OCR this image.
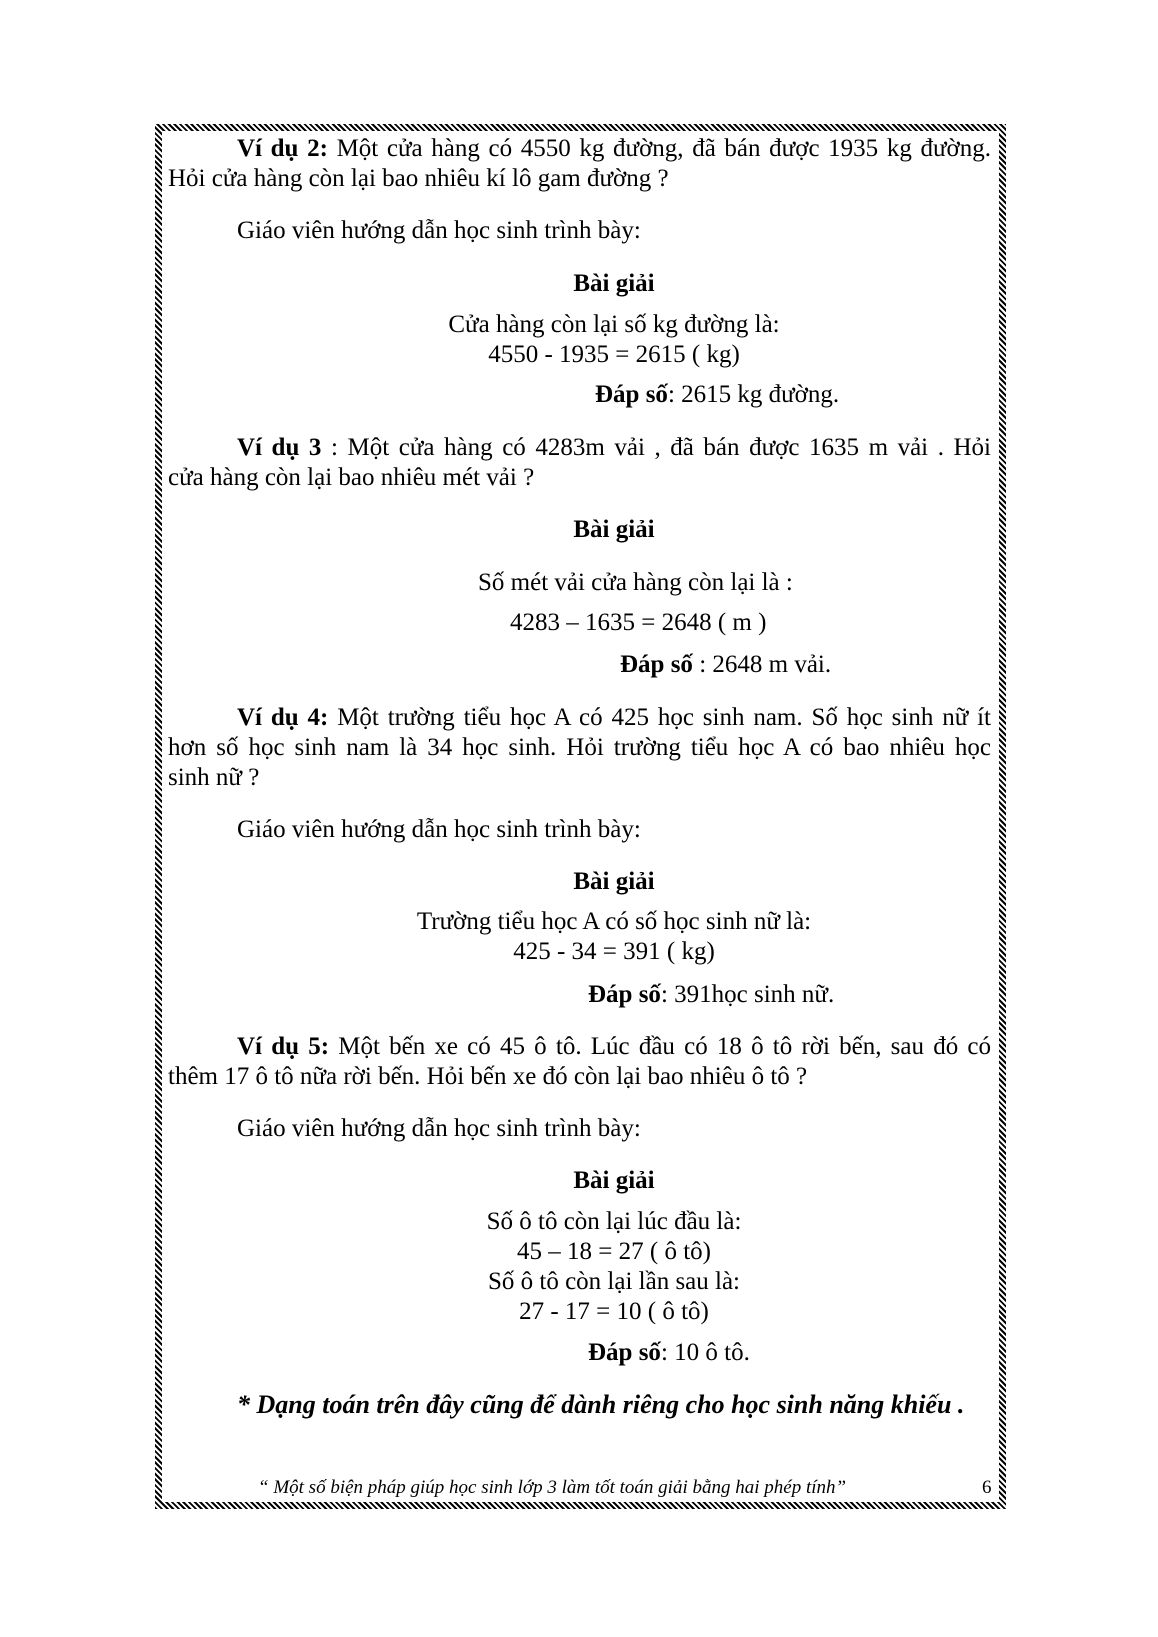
Ví dụ 2: Một cửa hàng có 4550 kg đường, đã bán được 1935 kg đường.
Hỏi cửa hàng còn lại bao nhiêu kí lô gam đường ?
Giáo viên hướng dẫn học sinh trình bày:
Bài giải
Cửa hàng còn lại số kg đường là:
4550 - 1935 = 2615 ( kg)
Đáp số: 2615 kg đường.
Ví dụ 3 : Một cửa hàng có 4283m vải , đã bán được 1635 m vải . Hỏi
cửa hàng còn lại bao nhiêu mét vải ?
Bài giải
Số mét vải cửa hàng còn lại là :
4283 – 1635 = 2648 ( m )
Đáp số : 2648 m vải.
Ví dụ 4: Một trường tiểu học A có 425 học sinh nam. Số học sinh nữ ít
hơn số học sinh nam là 34 học sinh. Hỏi trường tiểu học A có bao nhiêu học
sinh nữ ?
Giáo viên hướng dẫn học sinh trình bày:
Bài giải
Trường tiểu học A có số học sinh nữ là:
425 - 34 = 391 ( kg)
Đáp số: 391học sinh nữ.
Ví dụ 5: Một bến xe có 45 ô tô. Lúc đầu có 18 ô tô rời bến, sau đó có
thêm 17 ô tô nữa rời bến. Hỏi bến xe đó còn lại bao nhiêu ô tô ?
Giáo viên hướng dẫn học sinh trình bày:
Bài giải
Số ô tô còn lại lúc đầu là:
45 – 18 = 27 ( ô tô)
Số ô tô còn lại lần sau là:
27 - 17 = 10 ( ô tô)
Đáp số: 10 ô tô.
* Dạng toán trên đây cũng để dành riêng cho học sinh năng khiếu .
“ Một số biện pháp giúp học sinh lớp 3 làm tốt toán giải bằng hai phép tính”	6
